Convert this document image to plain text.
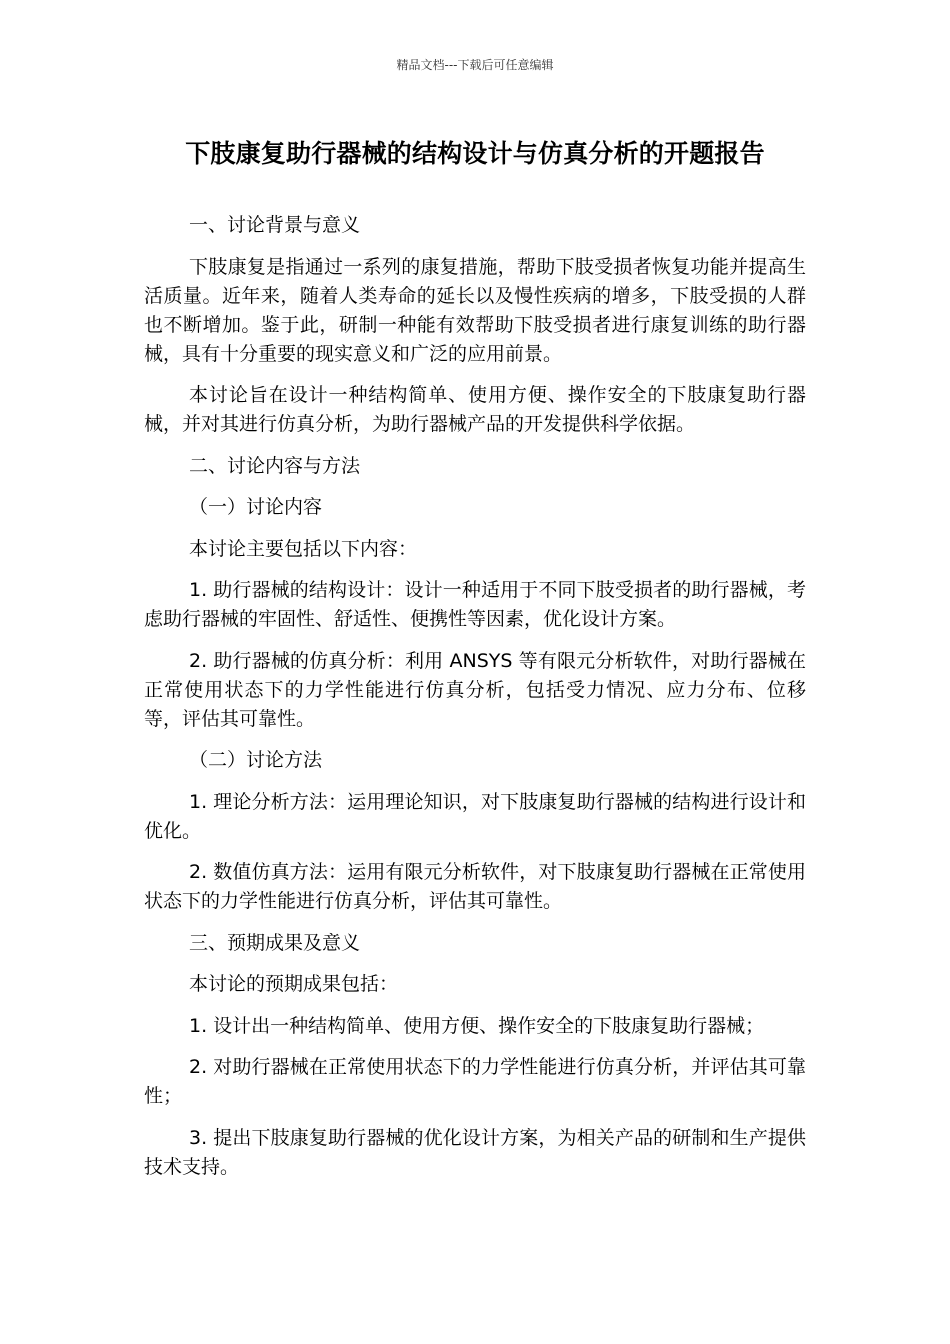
精品文档---下载后可任意编辑
下肢康复助行器械的结构设计与仿真分析的开题报告

一、讨论背景与意义

下肢康复是指通过一系列的康复措施，帮助下肢受损者恢复功能并提高生活质量。近年来，随着人类寿命的延长以及慢性疾病的增多，下肢受损的人群也不断增加。鉴于此，研制一种能有效帮助下肢受损者进行康复训练的助行器械，具有十分重要的现实意义和广泛的应用前景。

本讨论旨在设计一种结构简单、使用方便、操作安全的下肢康复助行器械，并对其进行仿真分析，为助行器械产品的开发提供科学依据。

二、讨论内容与方法

（一）讨论内容

本讨论主要包括以下内容：

1. 助行器械的结构设计：设计一种适用于不同下肢受损者的助行器械，考虑助行器械的牢固性、舒适性、便携性等因素，优化设计方案。

2. 助行器械的仿真分析：利用 ANSYS 等有限元分析软件，对助行器械在正常使用状态下的力学性能进行仿真分析，包括受力情况、应力分布、位移等，评估其可靠性。

（二）讨论方法

1. 理论分析方法：运用理论知识，对下肢康复助行器械的结构进行设计和优化。

2. 数值仿真方法：运用有限元分析软件，对下肢康复助行器械在正常使用状态下的力学性能进行仿真分析，评估其可靠性。

三、预期成果及意义

本讨论的预期成果包括：

1. 设计出一种结构简单、使用方便、操作安全的下肢康复助行器械；

2. 对助行器械在正常使用状态下的力学性能进行仿真分析，并评估其可靠性；

3. 提出下肢康复助行器械的优化设计方案，为相关产品的研制和生产提供技术支持。
